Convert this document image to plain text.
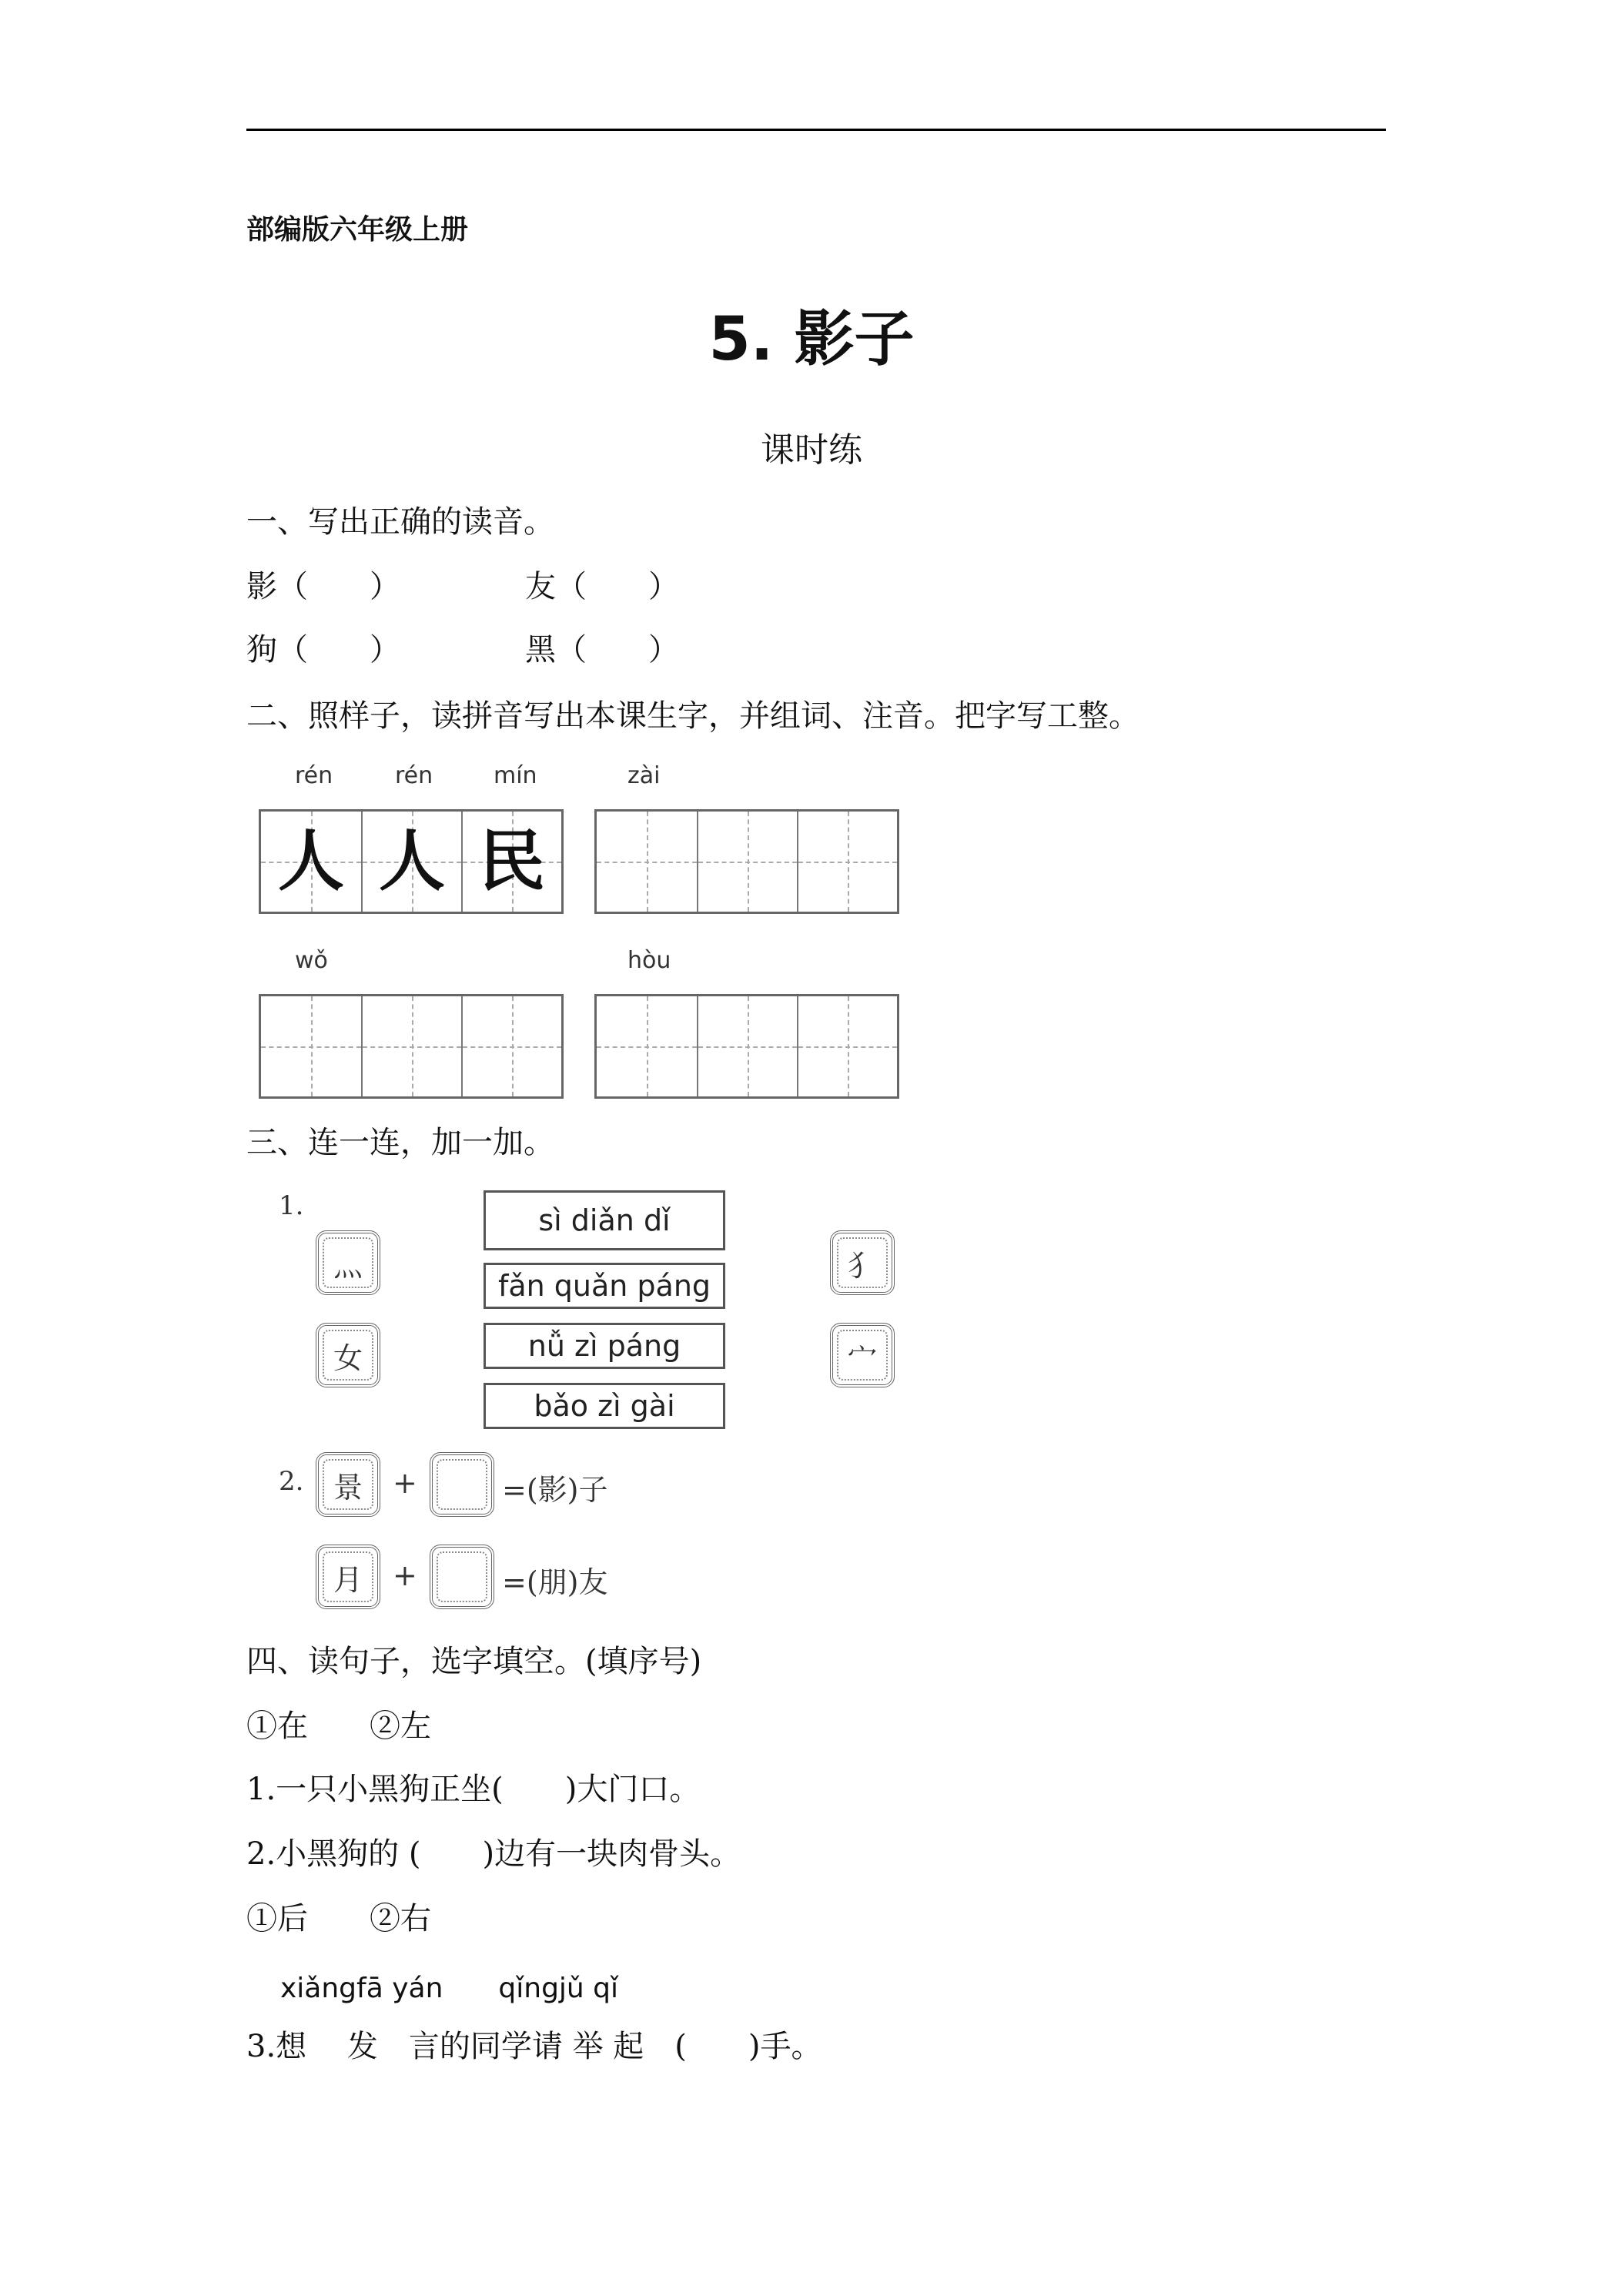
部编版六年级上册
5. 影子
课时练
一、写出正确的读音。
影（　　）	友（　　）
狗（　　）	黑（　　）
二、照样子，读拼音写出本课生字，并组词、注音。把字写工整。
rén	rén	mín	zài
人 人 民
wǒ	hòu
三、连一连，加一加。
1.
灬
女
sì diǎn dǐ
fǎn quǎn páng
nǚ zì páng
bǎo zì gài
犭
宀
2. 景 +	=(影)子
月 +	=(朋)友
四、读句子，选字填空。(填序号)
①在　　②左
1.一只小黑狗正坐(　　)大门口。
2.小黑狗的 (　　)边有一块肉骨头。
①后　　②右
xiǎngfā yán　　qǐngjǔ qǐ
3.想　 发　言的同学请 举 起　(　　)手。
